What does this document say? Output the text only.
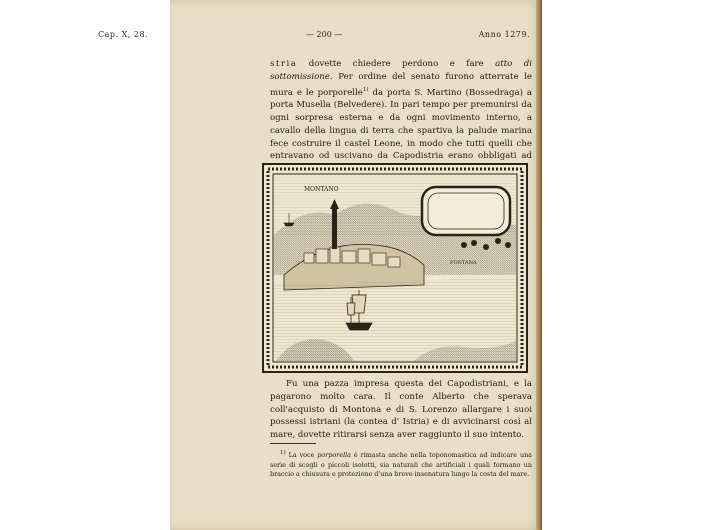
Cap. X, 28.	— 200 —	Anno 1279.

stria dovette chiedere perdono e fare atto di sottomissione. Per ordine del senato furono atterrate le mura e le porporelle$^{1)}$ da porta S. Martino (Bossedraga) a porta Musella (Belvedere). In pari tempo per premunirsi da ogni sorpresa esterna e da ogni movimento interno, a cavallo della lingua di terra che spartiva la palude marina fece costruire il castel Leone, in modo che tutti quelli che entravano od uscivano da Capodistria erano obbligati ad

MONTANO
FONTANA

Fu una pazza impresa questa dei Capodistriani, e la pagarono molto cara. Il conte Alberto che sperava coll'acquisto di Montona e di S. Lorenzo allargare i suoi possessi istriani (la contea d' Istria) e di avvicinarsi così al mare, dovette ritirarsi senza aver raggiunto il suo intento.

1) La voce porporella è rimasta anche nella toponomastica ad indicare una serie di scogli o piccoli isolotti, sia naturali che artificiali i quali formano un braccio a chiusura e protezione d'una breve insenatura lungo la costa del mare.
